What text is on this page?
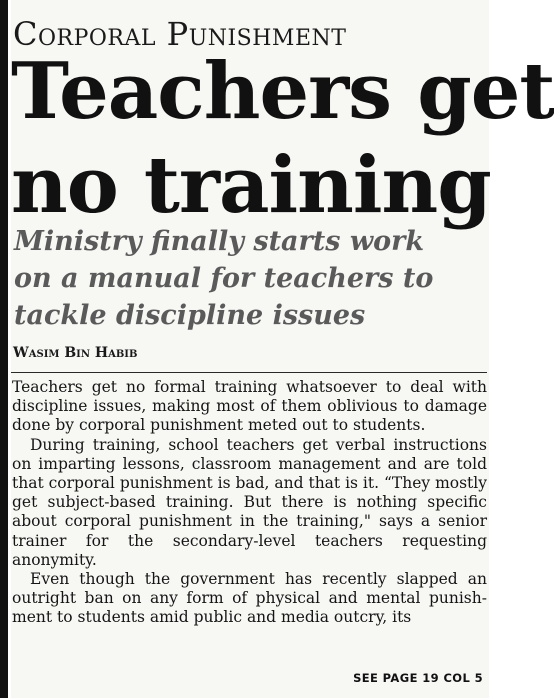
Corporal Punishment
Teachers get
no training
Ministry finally starts work
on a manual for teachers to
tackle discipline issues
Wasim Bin Habib

Teachers get no formal training whatsoever to deal with discipline issues, making most of them oblivious to damage done by corporal punishment meted out to students.

During training, school teachers get verbal instructions on imparting lessons, classroom management and are told that corporal punishment is bad, and that is it. “They mostly get subject-based training. But there is nothing specific about corporal punishment in the training," says a senior trainer for the secondary-level teachers requesting anonymity.

Even though the government has recently slapped an outright ban on any form of physical and mental punishment to students amid public and media outcry, its

SEE PAGE 19 COL 5
